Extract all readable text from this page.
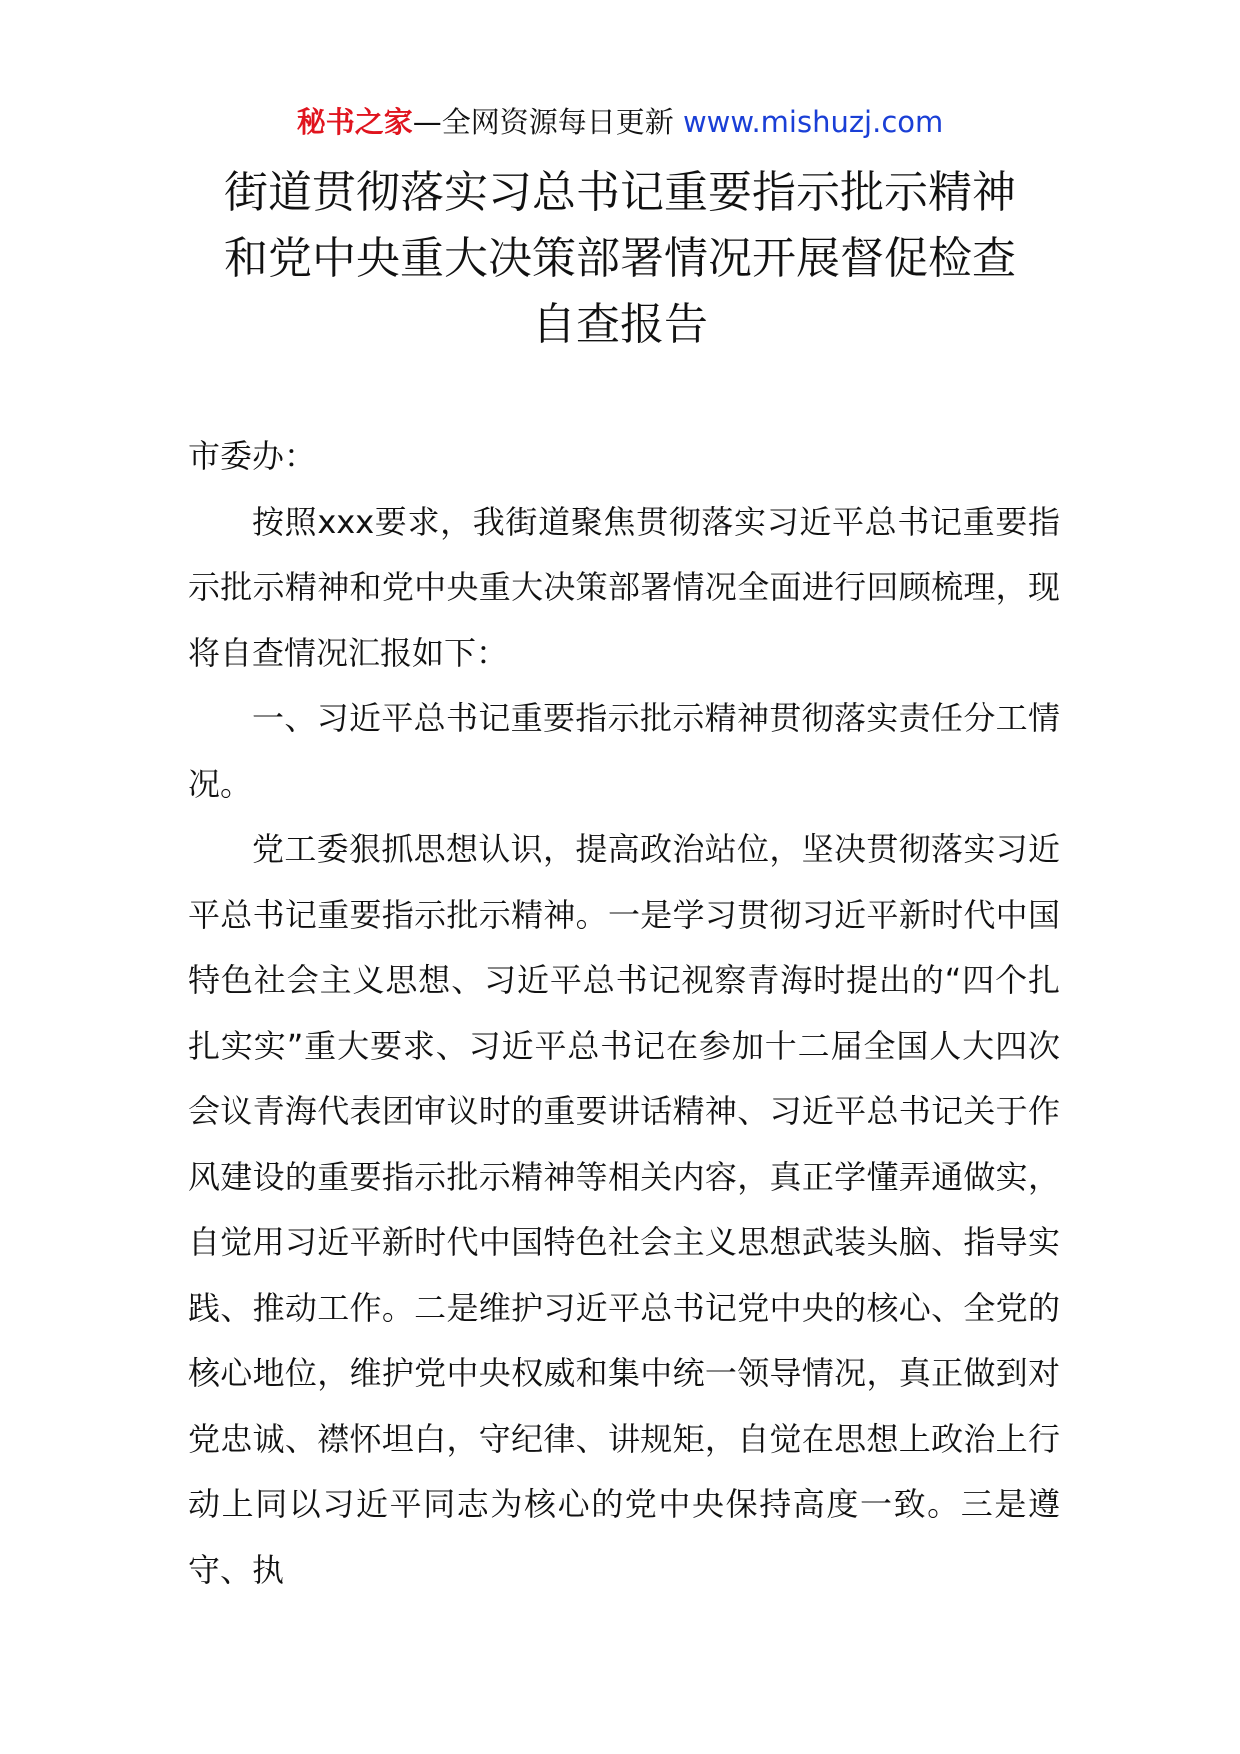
秘书之家—全网资源每日更新 www.mishuzj.com
街道贯彻落实习总书记重要指示批示精神
和党中央重大决策部署情况开展督促检查
自查报告

市委办：

按照xxx要求，我街道聚焦贯彻落实习近平总书记重要指示批示精神和党中央重大决策部署情况全面进行回顾梳理，现将自查情况汇报如下：

一、习近平总书记重要指示批示精神贯彻落实责任分工情况。

党工委狠抓思想认识，提高政治站位，坚决贯彻落实习近平总书记重要指示批示精神。一是学习贯彻习近平新时代中国特色社会主义思想、习近平总书记视察青海时提出的“四个扎扎实实”重大要求、习近平总书记在参加十二届全国人大四次会议青海代表团审议时的重要讲话精神、习近平总书记关于作风建设的重要指示批示精神等相关内容，真正学懂弄通做实，自觉用习近平新时代中国特色社会主义思想武装头脑、指导实践、推动工作。二是维护习近平总书记党中央的核心、全党的核心地位，维护党中央权威和集中统一领导情况，真正做到对党忠诚、襟怀坦白，守纪律、讲规矩，自觉在思想上政治上行动上同以习近平同志为核心的党中央保持高度一致。三是遵守、执
